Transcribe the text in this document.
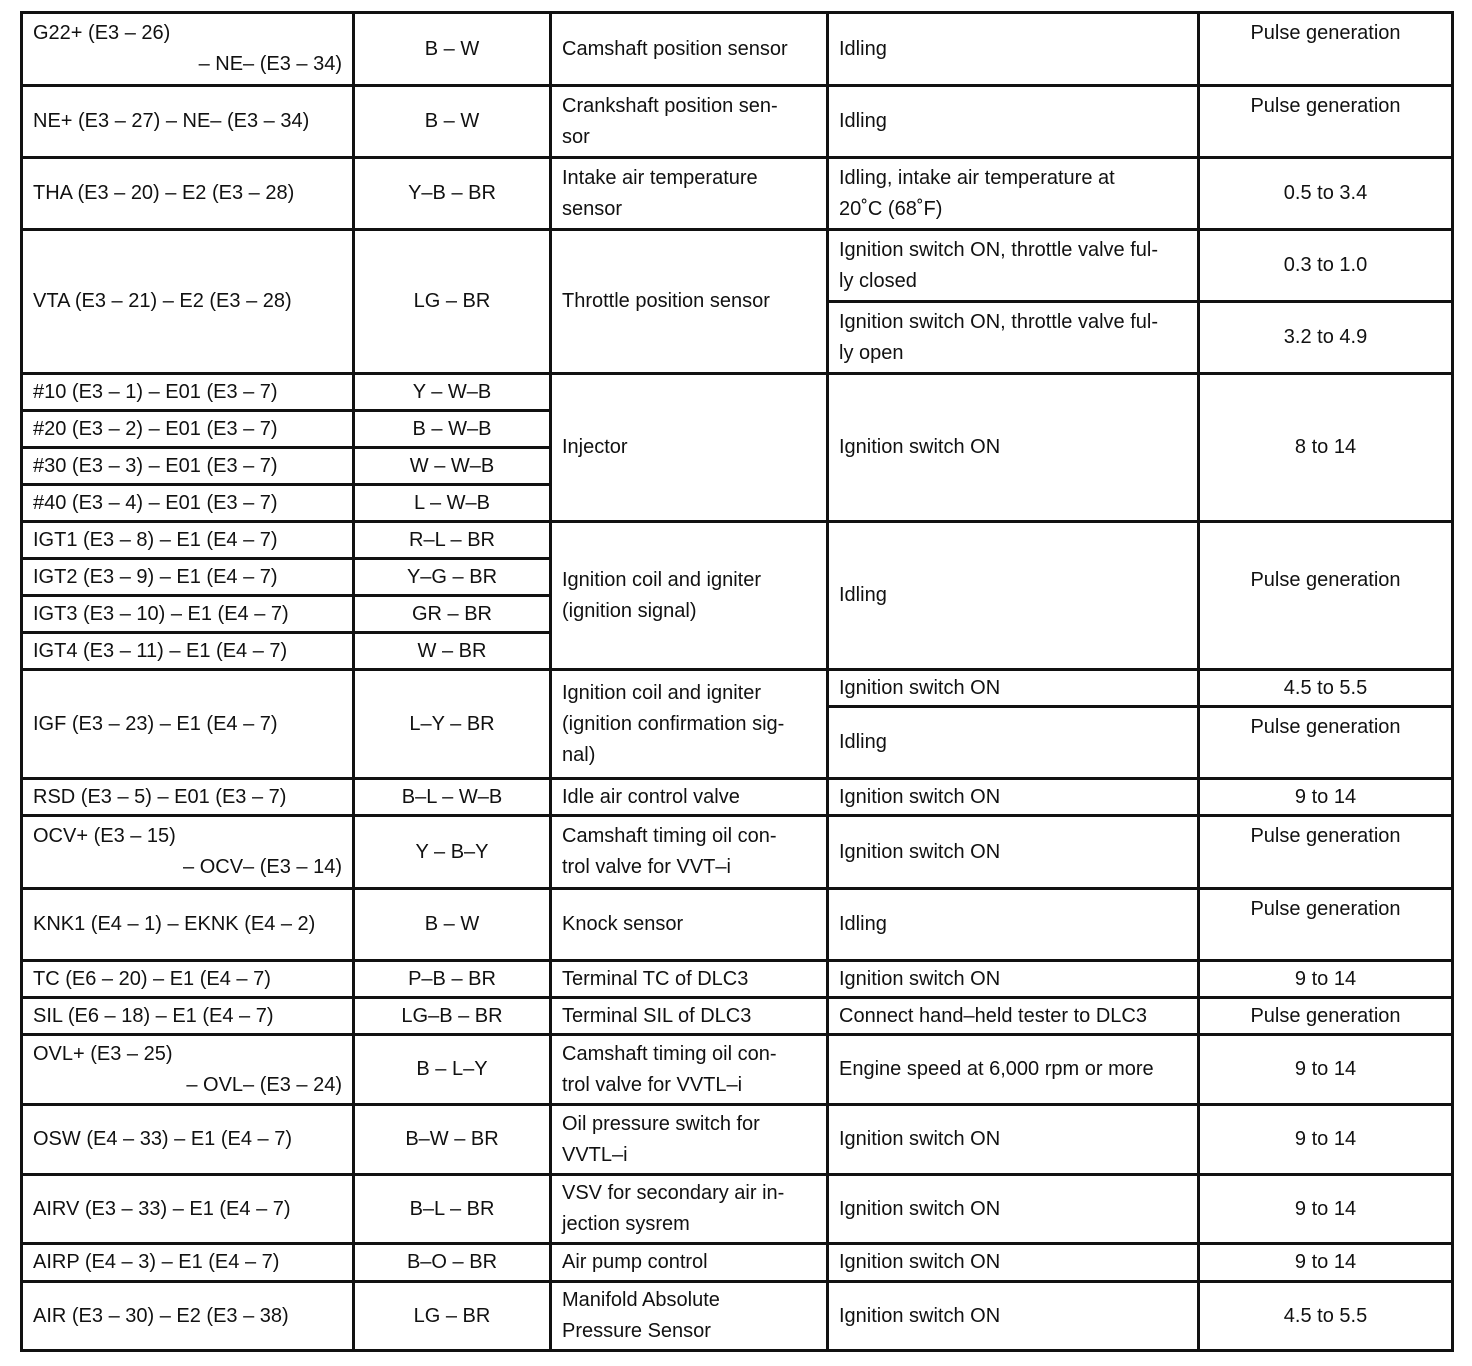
G22+ (E3 – 26)
– NE– (E3 – 34)	B – W	Camshaft position sensor	Idling	Pulse generation
NE+ (E3 – 27) – NE– (E3 – 34)	B – W	Crankshaft position sen-
sor	Idling	Pulse generation
THA (E3 – 20) – E2 (E3 – 28)	Y–B – BR	Intake air temperature
sensor	Idling, intake air temperature at
20˚C (68˚F)	0.5 to 3.4
VTA (E3 – 21) – E2 (E3 – 28)	LG – BR	Throttle position sensor	Ignition switch ON, throttle valve ful-
ly closed	0.3 to 1.0

			Ignition switch ON, throttle valve ful-
ly open	3.2 to 4.9
#10 (E3 – 1) – E01 (E3 – 7)	Y – W–B	Injector	Ignition switch ON	8 to 14
#20 (E3 – 2) – E01 (E3 – 7)	B – W–B			
#30 (E3 – 3) – E01 (E3 – 7)	W – W–B			
#40 (E3 – 4) – E01 (E3 – 7)	L – W–B			
IGT1 (E3 – 8) – E1 (E4 – 7)	R–L – BR	Ignition coil and igniter
(ignition signal)	Idling	Pulse generation
IGT2 (E3 – 9) – E1 (E4 – 7)	Y–G – BR			
IGT3 (E3 – 10) – E1 (E4 – 7)	GR – BR			
IGT4 (E3 – 11) – E1 (E4 – 7)	W – BR			
IGF (E3 – 23) – E1 (E4 – 7)	L–Y – BR	Ignition coil and igniter
(ignition confirmation sig-
nal)	Ignition switch ON	4.5 to 5.5
			Idling	Pulse generation
RSD (E3 – 5) – E01 (E3 – 7)	B–L – W–B	Idle air control valve	Ignition switch ON	9 to 14

OCV+ (E3 – 15)
– OCV– (E3 – 14)	Y – B–Y	Camshaft timing oil con-
trol valve for VVT–i	Ignition switch ON	Pulse generation
KNK1 (E4 – 1) – EKNK (E4 – 2)	B – W	Knock sensor	Idling	Pulse generation
TC (E6 – 20) – E1 (E4 – 7)	P–B – BR	Terminal TC of DLC3	Ignition switch ON	9 to 14
SIL (E6 – 18) – E1 (E4 – 7)	LG–B – BR	Terminal SIL of DLC3	Connect hand–held tester to DLC3	Pulse generation

OVL+ (E3 – 25)
– OVL– (E3 – 24)	B – L–Y	Camshaft timing oil con-
trol valve for VVTL–i	Engine speed at 6,000 rpm or more	9 to 14
OSW (E4 – 33) – E1 (E4 – 7)	B–W – BR	Oil pressure switch for
VVTL–i	Ignition switch ON	9 to 14
AIRV (E3 – 33) – E1 (E4 – 7)	B–L – BR	VSV for secondary air in-
jection sysrem	Ignition switch ON	9 to 14
AIRP (E4 – 3) – E1 (E4 – 7)	B–O – BR	Air pump control	Ignition switch ON	9 to 14
AIR (E3 – 30) – E2 (E3 – 38)	LG – BR	Manifold Absolute
Pressure Sensor	Ignition switch ON	4.5 to 5.5
